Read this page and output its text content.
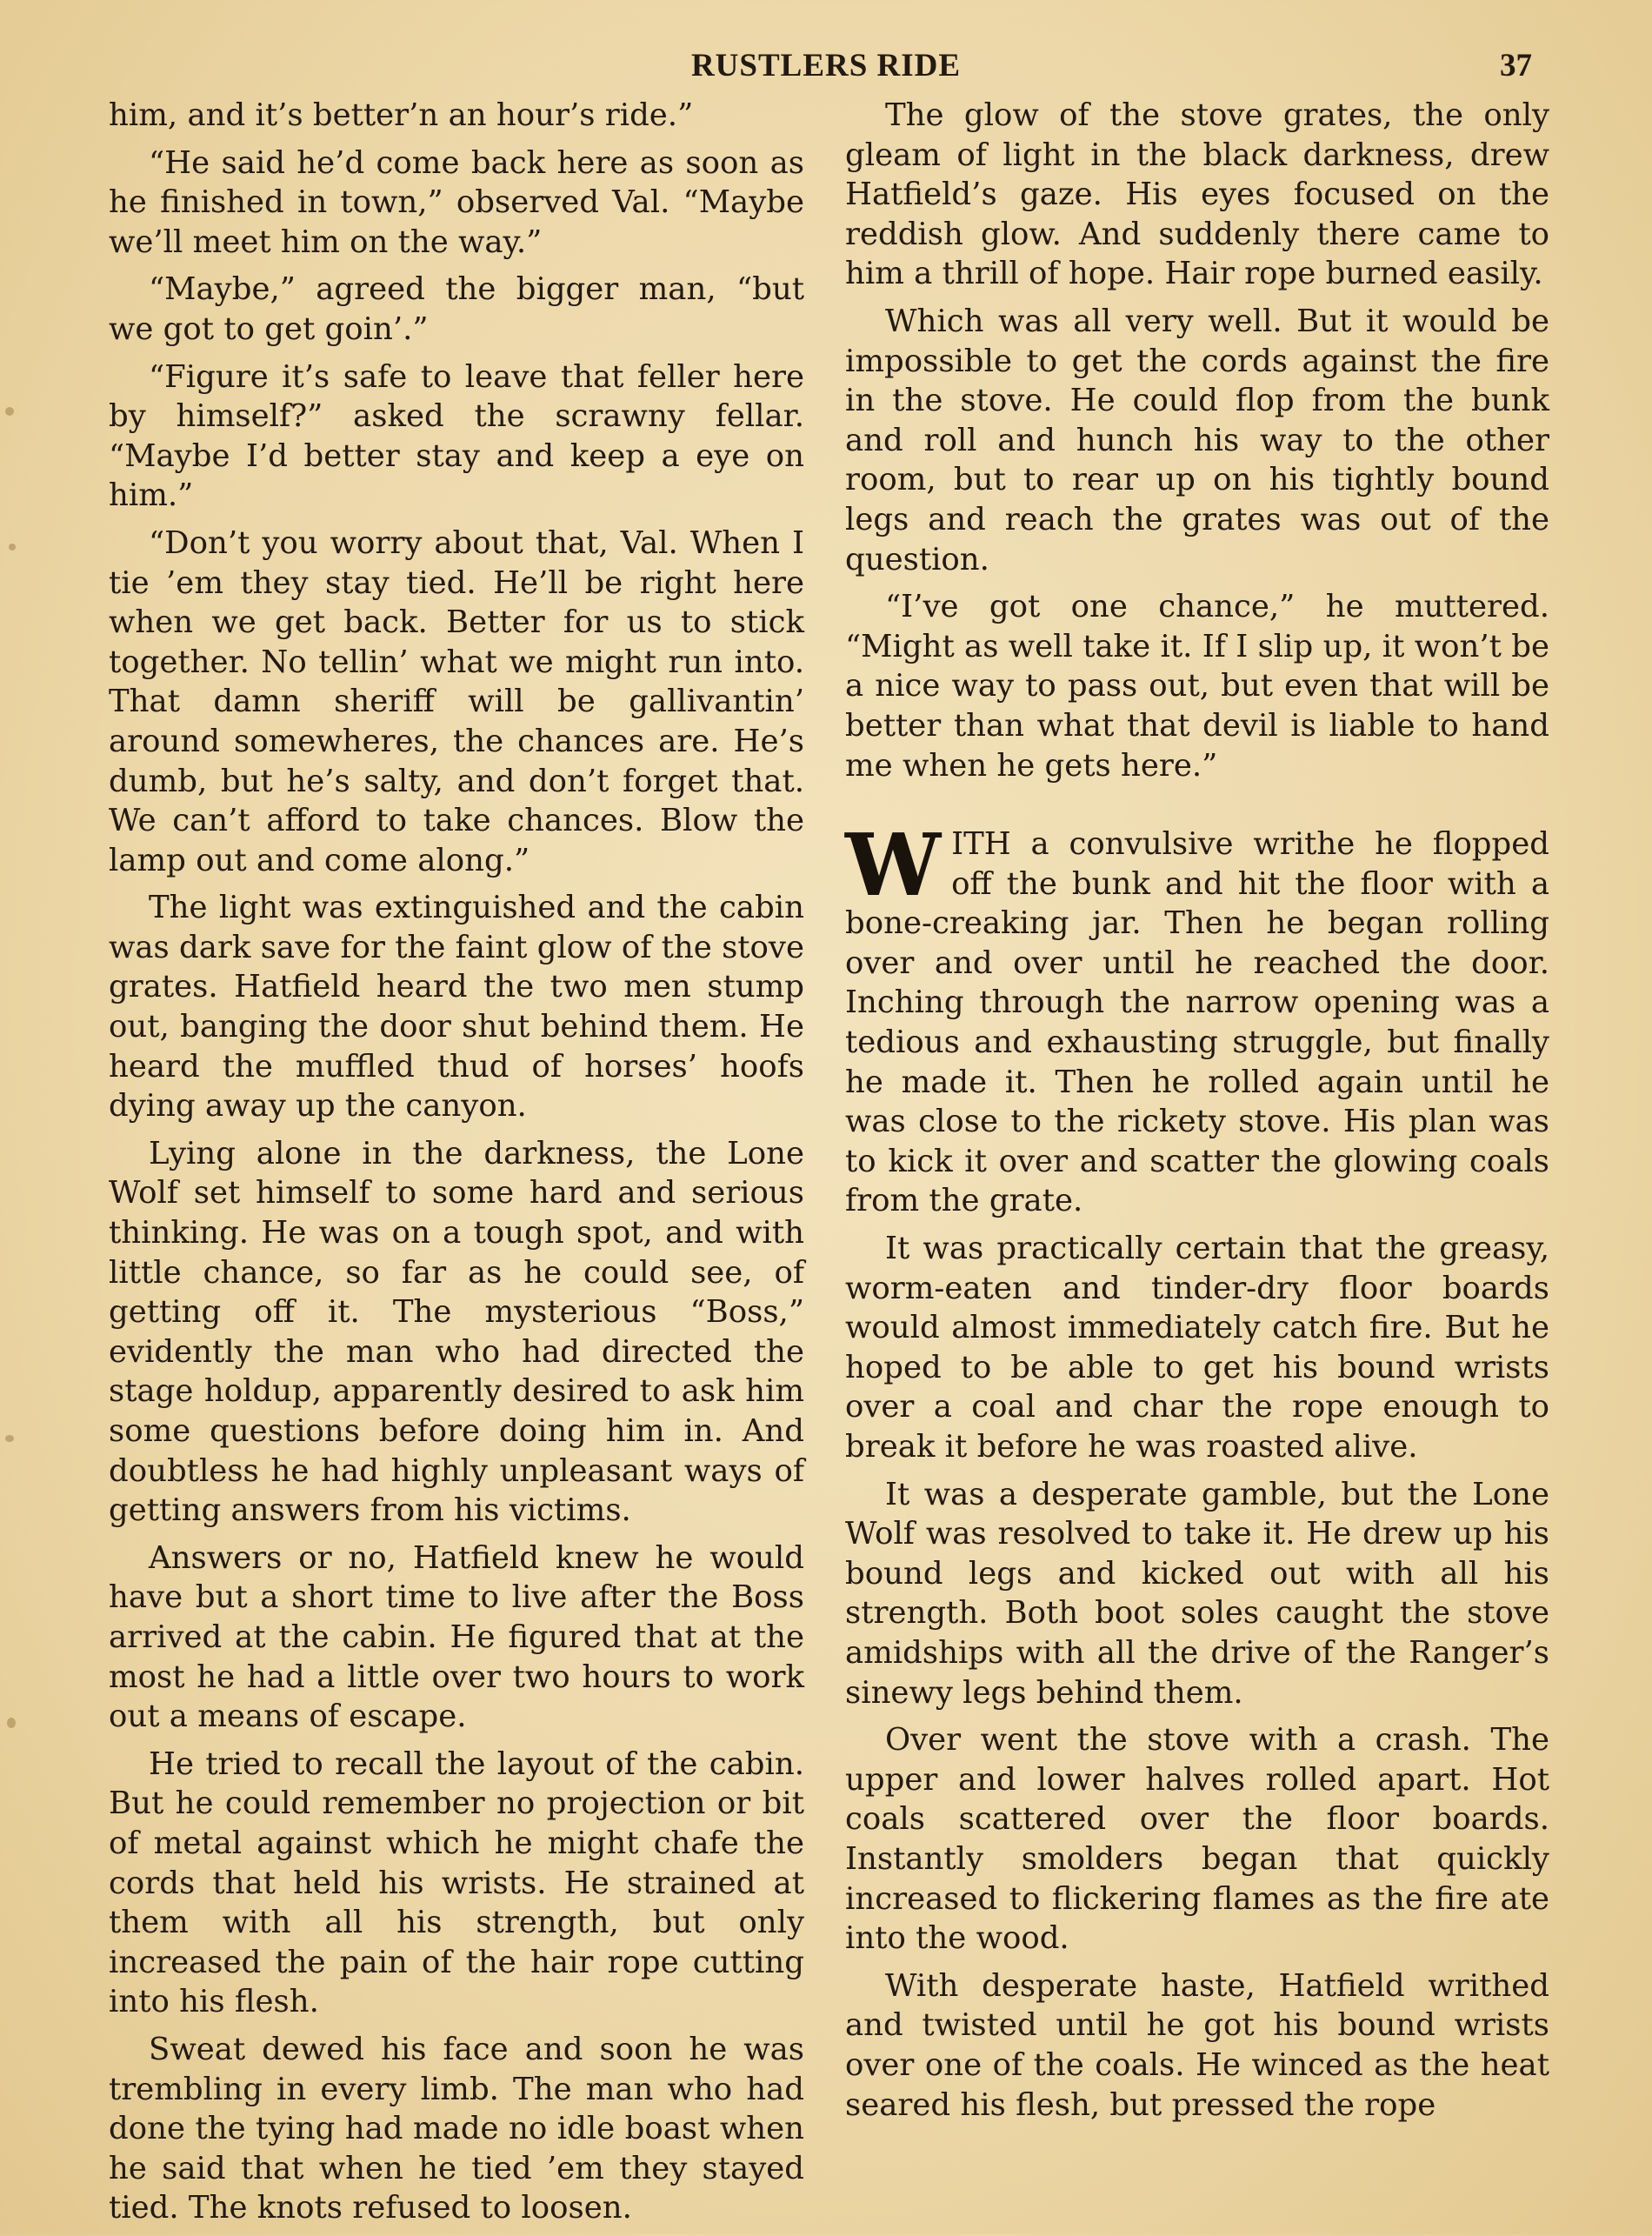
RUSTLERS RIDE	37

him, and it’s better’n an hour’s ride.”

“He said he’d come back here as soon as he finished in town,” observed Val. “Maybe we’ll meet him on the way.”

“Maybe,” agreed the bigger man, “but we got to get goin’.”

“Figure it’s safe to leave that feller here by himself?” asked the scrawny fellar. “Maybe I’d better stay and keep a eye on him.”

“Don’t you worry about that, Val. When I tie ’em they stay tied. He’ll be right here when we get back. Better for us to stick together. No tellin’ what we might run into. That damn sheriff will be gallivantin’ around somewheres, the chances are. He’s dumb, but he’s salty, and don’t forget that. We can’t afford to take chances. Blow the lamp out and come along.”

The light was extinguished and the cabin was dark save for the faint glow of the stove grates. Hatfield heard the two men stump out, banging the door shut behind them. He heard the muffled thud of horses’ hoofs dying away up the canyon.

Lying alone in the darkness, the Lone Wolf set himself to some hard and serious thinking. He was on a tough spot, and with little chance, so far as he could see, of getting off it. The mysterious “Boss,” evidently the man who had directed the stage holdup, apparently desired to ask him some questions before doing him in. And doubtless he had highly unpleasant ways of getting answers from his victims.

Answers or no, Hatfield knew he would have but a short time to live after the Boss arrived at the cabin. He figured that at the most he had a little over two hours to work out a means of escape.

He tried to recall the layout of the cabin. But he could remember no projection or bit of metal against which he might chafe the cords that held his wrists. He strained at them with all his strength, but only increased the pain of the hair rope cutting into his flesh.

Sweat dewed his face and soon he was trembling in every limb. The man who had done the tying had made no idle boast when he said that when he tied ’em they stayed tied. The knots refused to loosen.

The glow of the stove grates, the only gleam of light in the black darkness, drew Hatfield’s gaze. His eyes focused on the reddish glow. And suddenly there came to him a thrill of hope. Hair rope burned easily.

Which was all very well. But it would be impossible to get the cords against the fire in the stove. He could flop from the bunk and roll and hunch his way to the other room, but to rear up on his tightly bound legs and reach the grates was out of the question.

“I’ve got one chance,” he muttered. “Might as well take it. If I slip up, it won’t be a nice way to pass out, but even that will be better than what that devil is liable to hand me when he gets here.”

WITH a convulsive writhe he flopped off the bunk and hit the floor with a bone-creaking jar. Then he began rolling over and over until he reached the door. Inching through the narrow opening was a tedious and exhausting struggle, but finally he made it. Then he rolled again until he was close to the rickety stove. His plan was to kick it over and scatter the glowing coals from the grate.

It was practically certain that the greasy, worm-eaten and tinder-dry floor boards would almost immediately catch fire. But he hoped to be able to get his bound wrists over a coal and char the rope enough to break it before he was roasted alive.

It was a desperate gamble, but the Lone Wolf was resolved to take it. He drew up his bound legs and kicked out with all his strength. Both boot soles caught the stove amidships with all the drive of the Ranger’s sinewy legs behind them.

Over went the stove with a crash. The upper and lower halves rolled apart. Hot coals scattered over the floor boards. Instantly smolders began that quickly increased to flickering flames as the fire ate into the wood.

With desperate haste, Hatfield writhed and twisted until he got his bound wrists over one of the coals. He winced as the heat seared his flesh, but pressed the rope
